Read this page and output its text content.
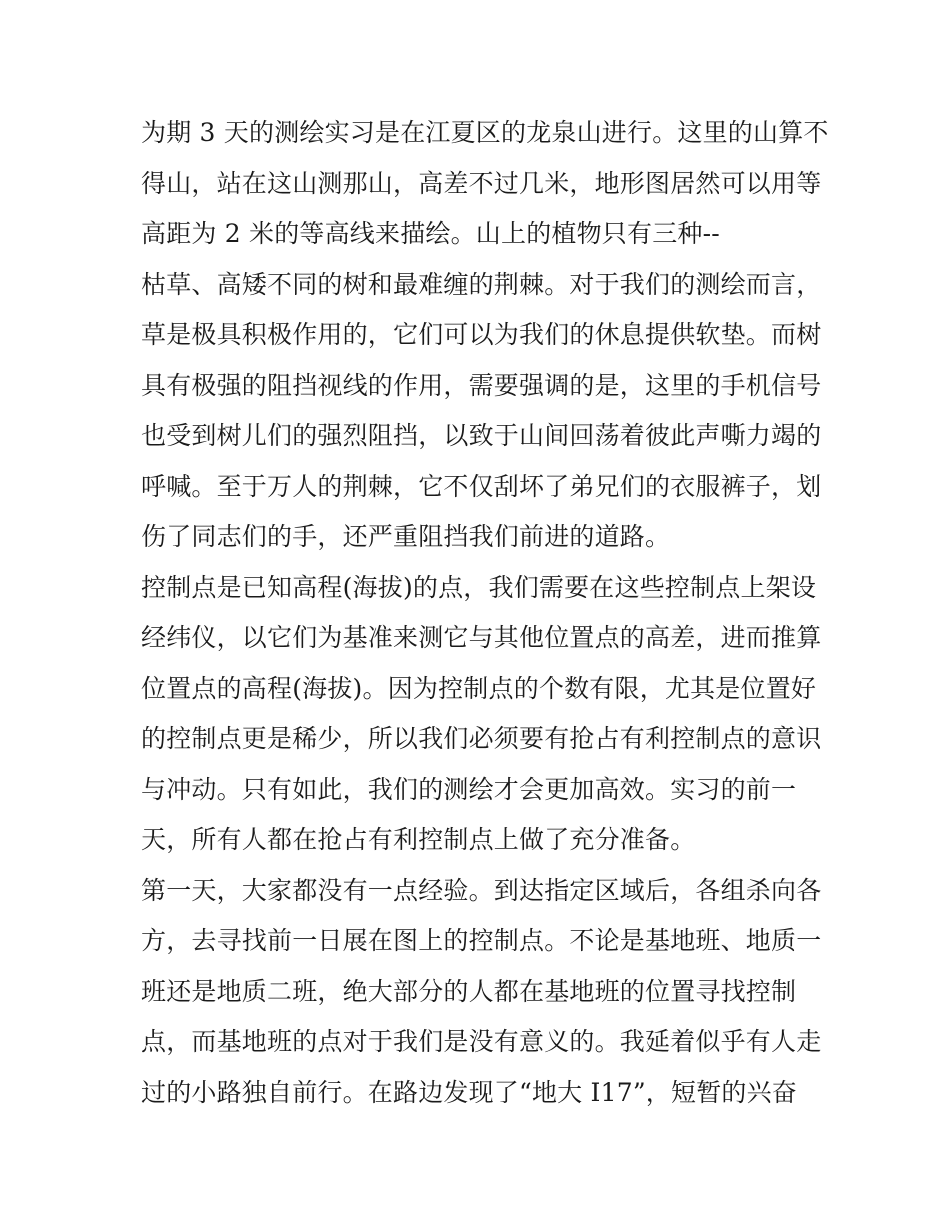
为期 3 天的测绘实习是在江夏区的龙泉山进行。这里的山算不
得山，站在这山测那山，高差不过几米，地形图居然可以用等
高距为 2 米的等高线来描绘。山上的植物只有三种--
枯草、高矮不同的树和最难缠的荆棘。对于我们的测绘而言，
草是极具积极作用的，它们可以为我们的休息提供软垫。而树
具有极强的阻挡视线的作用，需要强调的是，这里的手机信号
也受到树儿们的强烈阻挡，以致于山间回荡着彼此声嘶力竭的
呼喊。至于万人的荆棘，它不仅刮坏了弟兄们的衣服裤子，划
伤了同志们的手，还严重阻挡我们前进的道路。
控制点是已知高程(海拔)的点，我们需要在这些控制点上架设
经纬仪，以它们为基准来测它与其他位置点的高差，进而推算
位置点的高程(海拔)。因为控制点的个数有限，尤其是位置好
的控制点更是稀少，所以我们必须要有抢占有利控制点的意识
与冲动。只有如此，我们的测绘才会更加高效。实习的前一
天，所有人都在抢占有利控制点上做了充分准备。
第一天，大家都没有一点经验。到达指定区域后，各组杀向各
方，去寻找前一日展在图上的控制点。不论是基地班、地质一
班还是地质二班，绝大部分的人都在基地班的位置寻找控制
点，而基地班的点对于我们是没有意义的。我延着似乎有人走
过的小路独自前行。在路边发现了“地大 I17”，短暂的兴奋
